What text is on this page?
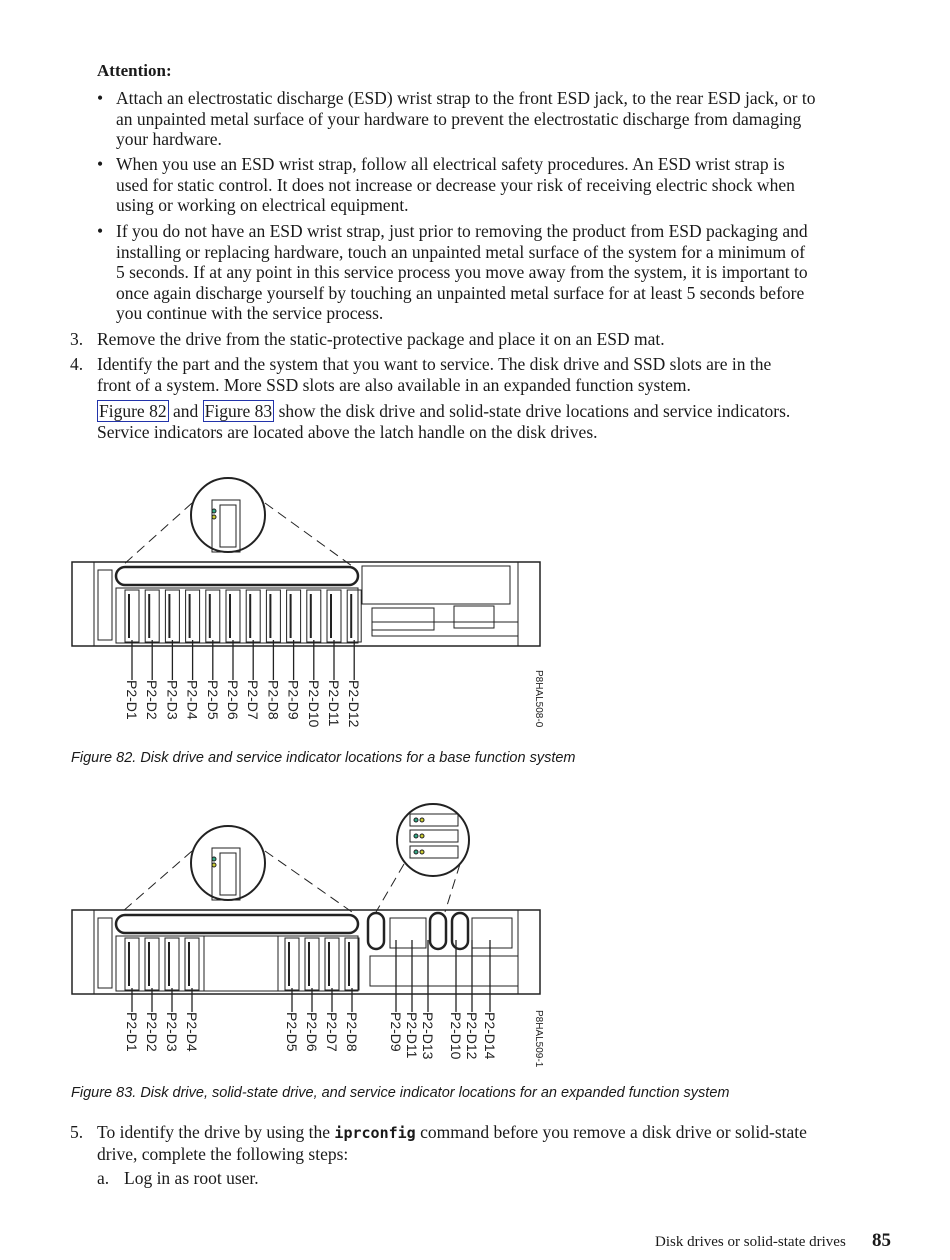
Attention:
• Attach an electrostatic discharge (ESD) wrist strap to the front ESD jack, to the rear ESD jack, or to
an unpainted metal surface of your hardware to prevent the electrostatic discharge from damaging
your hardware.
• When you use an ESD wrist strap, follow all electrical safety procedures. An ESD wrist strap is
used for static control. It does not increase or decrease your risk of receiving electric shock when
using or working on electrical equipment.
• If you do not have an ESD wrist strap, just prior to removing the product from ESD packaging and
installing or replacing hardware, touch an unpainted metal surface of the system for a minimum of
5 seconds. If at any point in this service process you move away from the system, it is important to
once again discharge yourself by touching an unpainted metal surface for at least 5 seconds before
you continue with the service process.
3. Remove the drive from the static-protective package and place it on an ESD mat.
4. Identify the part and the system that you want to service. The disk drive and SSD slots are in the
front of a system. More SSD slots are also available in an expanded function system.
Figure 82 and Figure 83 show the disk drive and solid-state drive locations and service indicators.
Service indicators are located above the latch handle on the disk drives.
P2-D1 P2-D2 P2-D3 P2-D4 P2-D5 P2-D6 P2-D7 P2-D8 P2-D9 P2-D10 P2-D11 P2-D12	P8HAL508-0
Figure 82. Disk drive and service indicator locations for a base function system
P2-D1 P2-D2 P2-D3 P2-D4	P2-D5 P2-D6 P2-D7 P2-D8 P2-D9 P2-D11 P2-D13 P2-D10 P2-D12 P2-D14	P8HAL509-1
Figure 83. Disk drive, solid-state drive, and service indicator locations for an expanded function system
5. To identify the drive by using the iprconfig command before you remove a disk drive or solid-state
drive, complete the following steps:
a. Log in as root user.
Disk drives or solid-state drives 85
